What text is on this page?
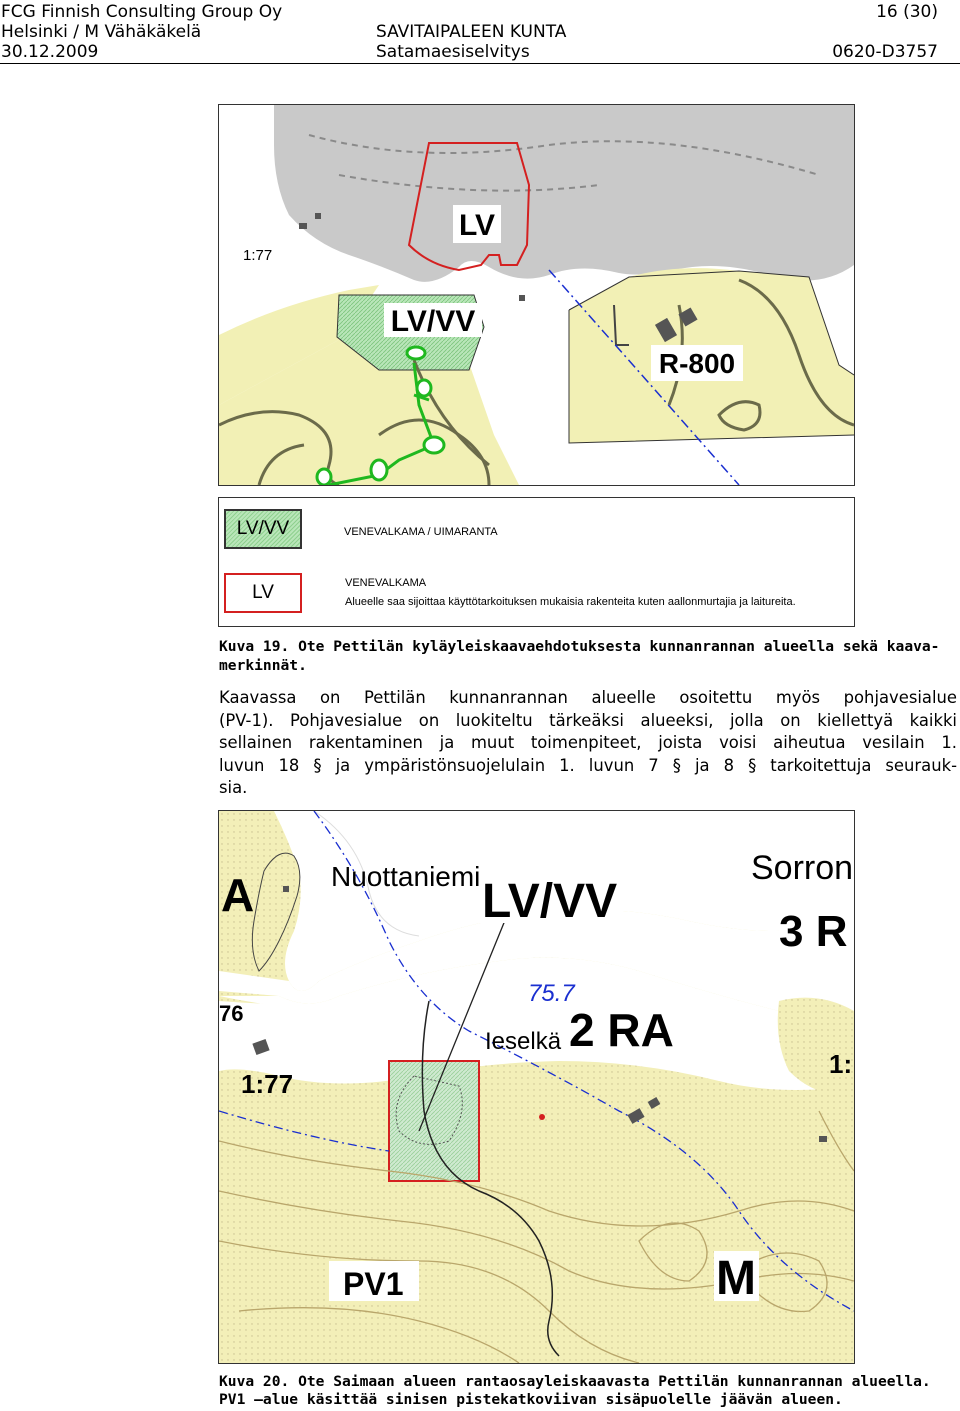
FCG Finnish Consulting Group Oy	16 (30)
Helsinki / M Vähäkäkelä	SAVITAIPALEEN KUNTA
30.12.2009	Satamaesiselvitys	0620-D3757
LV
LV/VV
R-800
1:77
LV/VV	VENEVALKAMA / UIMARANTA
LV	VENEVALKAMA
Alueelle saa sijoittaa käyttötarkoituksen mukaisia rakenteita kuten aallonmurtajia ja laitureita.
Kuva 19. Ote Pettilän kyläyleiskaavaehdotuksesta kunnanrannan alueella sekä kaava-
merkinnät.
Kaavassa on Pettilän kunnanrannan alueelle osoitettu myös pohjavesialue
(PV-1). Pohjavesialue on luokiteltu tärkeäksi alueeksi, jolla on kiellettyä kaikki
sellainen rakentaminen ja muut toimenpiteet, joista voisi aiheutua vesilain 1.
luvun 18 § ja ympäristönsuojelulain 1. luvun 7 § ja 8 § tarkoitettuja seurauk-
sia.
A	Nuottaniemi LV/VV
Sorron
3 R
75.7
76
Ieselkä 2 RA
1:77
1:
PV1	M
Kuva 20. Ote Saimaan alueen rantaosayleiskaavasta Pettilän kunnanrannan alueella.
PV1 –alue käsittää sinisen pistekatkoviivan sisäpuolelle jäävän alueen.
